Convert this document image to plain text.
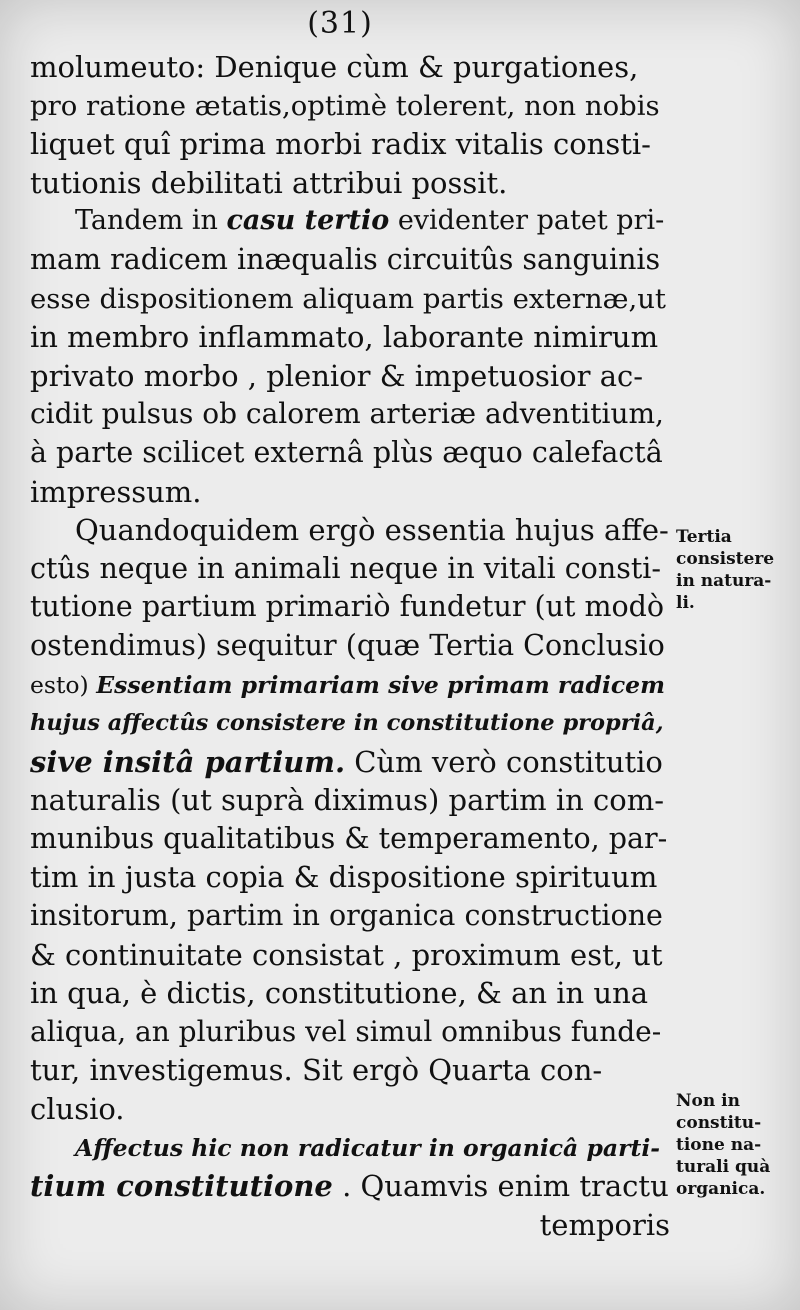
(31)
molumeuto: Denique cùm & purgationes,
pro ratione ætatis,optimè tolerent, non nobis
liquet quî prima morbi radix vitalis consti-
tutionis debilitati attribui possit.
Tandem in casu tertio evidenter patet pri-
mam radicem inæqualis circuitûs sanguinis
esse dispositionem aliquam partis externæ,ut
in membro inflammato, laborante nimirum
privato morbo , plenior & impetuosior ac-
cidit pulsus ob calorem arteriæ adventitium,
à parte scilicet externâ plùs æquo calefactâ
impressum.
Quandoquidem ergò essentia hujus affe-
ctûs neque in animali neque in vitali consti-
tutione partium primariò fundetur (ut modò
ostendimus) sequitur (quæ Tertia Conclusio
esto) Essentiam primariam sive primam radicem
hujus affectûs consistere in constitutione propriâ,
sive insitâ partium. Cùm verò constitutio
naturalis (ut suprà diximus) partim in com-
munibus qualitatibus & temperamento, par-
tim in justa copia & dispositione spirituum
insitorum, partim in organica constructione
& continuitate consistat , proximum est, ut
in qua, è dictis, constitutione, & an in una
aliqua, an pluribus vel simul omnibus funde-
tur, investigemus. Sit ergò Quarta con-
clusio.
Affectus hic non radicatur in organicâ parti-
tium constitutione . Quamvis enim tractu
temporis
Tertia
consistere
in natura-
li.
Non in
constitu-
tione na-
turali quà
organica.
